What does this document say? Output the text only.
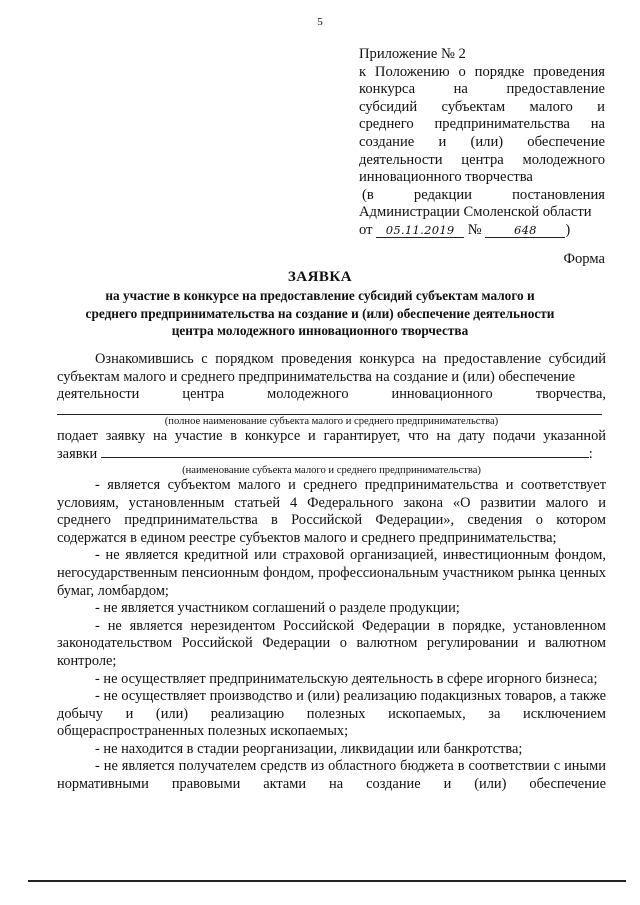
5
Приложение № 2
к Положению о порядке проведения
конкурса на предоставление
субсидий субъектам малого и
среднего предпринимательства на
создание и (или) обеспечение
деятельности центра молодежного
инновационного творчества
(в редакции постановления
Администрации Смоленской области
от 05.11.2019 №	648 )
Форма
ЗАЯВКА
на участие в конкурсе на предоставление субсидий субъектам малого и
среднего предпринимательства на создание и (или) обеспечение деятельности
центра молодежного инновационного творчества
Ознакомившись с порядком проведения конкурса на предоставление субсидий субъектам малого и среднего предпринимательства на создание и (или) обеспечение
деятельности центра молодежного инновационного творчества,
(полное наименование субъекта малого и среднего предпринимательства)
подает заявку на участие в конкурсе и гарантирует, что на дату подачи указанной
заявки	:
(наименование субъекта малого и среднего предпринимательства)
- является субъектом малого и среднего предпринимательства и соответствует условиям, установленным статьей 4 Федерального закона «О развитии малого и среднего предпринимательства в Российской Федерации», сведения о котором содержатся в едином реестре субъектов малого и среднего предпринимательства;
- не является кредитной или страховой организацией, инвестиционным фондом, негосударственным пенсионным фондом, профессиональным участником рынка ценных бумаг, ломбардом;
- не является участником соглашений о разделе продукции;
- не является нерезидентом Российской Федерации в порядке, установленном законодательством Российской Федерации о валютном регулировании и валютном контроле;
- не осуществляет предпринимательскую деятельность в сфере игорного бизнеса;
- не осуществляет производство и (или) реализацию подакцизных товаров, а также добычу и (или) реализацию полезных ископаемых, за исключением общераспространенных полезных ископаемых;
- не находится в стадии реорганизации, ликвидации или банкротства;
- не является получателем средств из областного бюджета в соответствии с иными нормативными правовыми актами на создание и (или) обеспечение
